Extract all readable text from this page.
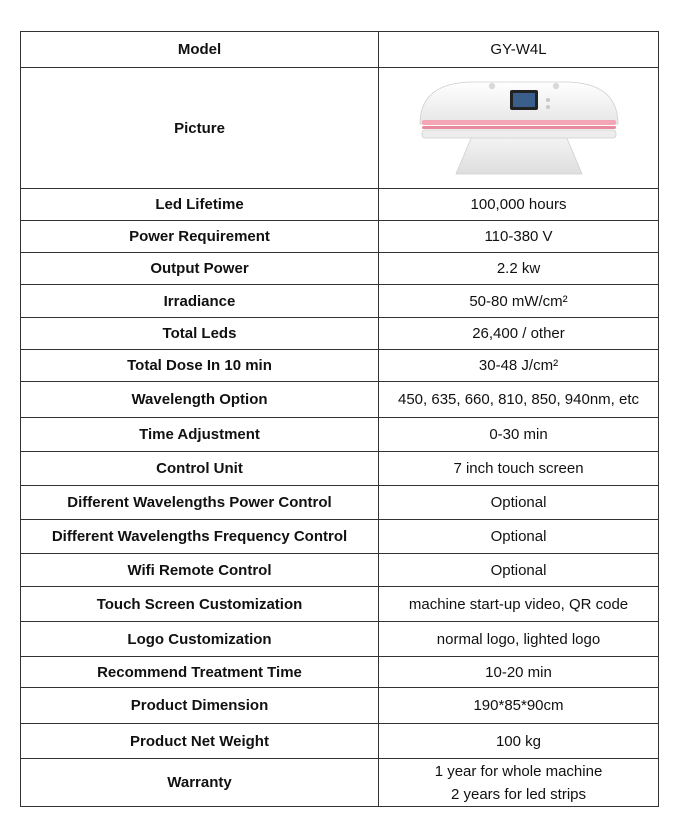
Model	GY-W4L
Picture	

Led Lifetime	100,000 hours
Power Requirement	110-380 V
Output Power	2.2 kw
Irradiance	50-80 mW/cm²
Total Leds	26,400 / other
Total Dose In 10 min	30-48 J/cm²
Wavelength Option	450, 635, 660, 810, 850, 940nm, etc
Time Adjustment	0-30 min
Control Unit	7 inch touch screen
Different Wavelengths Power Control	Optional
Different Wavelengths Frequency Control	Optional
Wifi Remote Control	Optional
Touch Screen Customization	machine start-up video, QR code
Logo Customization	normal logo, lighted logo
Recommend Treatment Time	10-20 min
Product Dimension	190*85*90cm
Product Net Weight	100 kg
Warranty	1 year for whole machine
2 years for led strips
